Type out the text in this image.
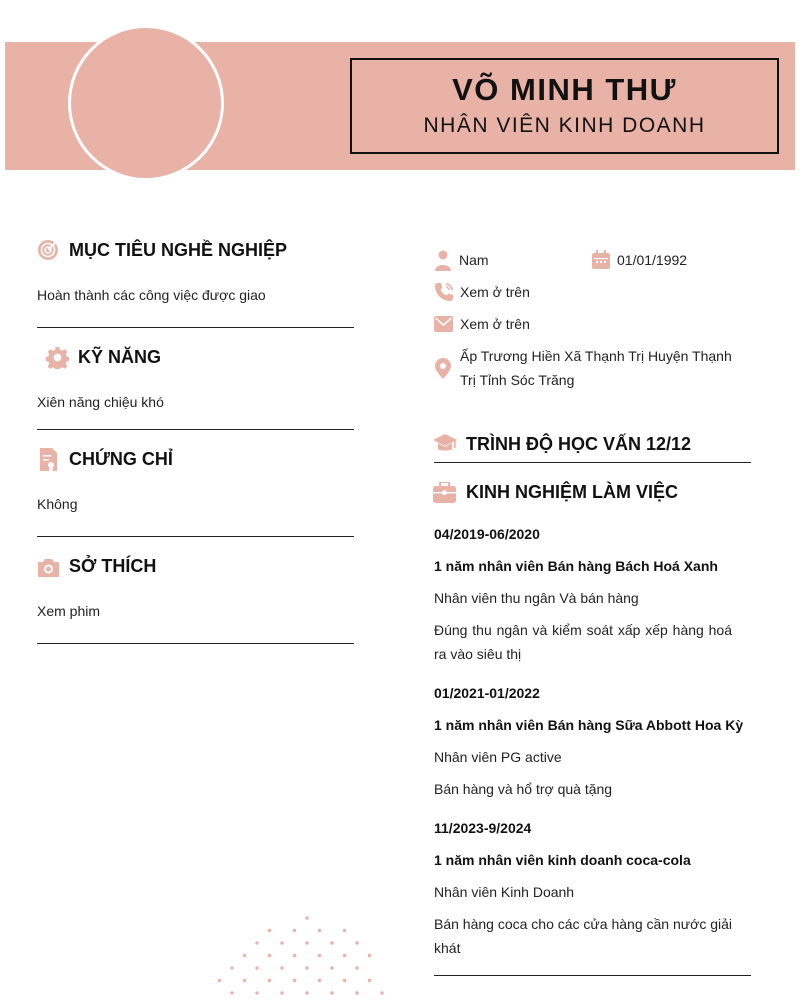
VÕ MINH THƯ
NHÂN VIÊN KINH DOANH
MỤC TIÊU NGHỀ NGHIỆP
Hoàn thành các công việc được giao
KỸ NĂNG
Xiên năng chiệu khó
CHỨNG CHỈ
Không
SỞ THÍCH
Xem phim
Nam	01/01/1992
Xem ở trên
Xem ở trên
Ấp Trương Hiền Xã Thạnh Trị Huyện Thạnh Trị Tỉnh Sóc Trăng
TRÌNH ĐỘ HỌC VẤN 12/12
KINH NGHIỆM LÀM VIỆC
04/2019-06/2020
1 năm nhân viên Bán hàng Bách Hoá Xanh
Nhân viên thu ngân Và bán hàng
Đúng thu ngân và kiểm soát xấp xếp hàng hoá ra vào siêu thị
01/2021-01/2022
1 năm nhân viên Bán hàng Sữa Abbott Hoa Kỳ
Nhân viên PG active
Bán hàng và hổ trợ quà tặng
11/2023-9/2024
1 năm nhân viên kinh doanh coca-cola
Nhân viên Kinh Doanh
Bán hàng coca cho các cửa hàng cần nước giải khát
